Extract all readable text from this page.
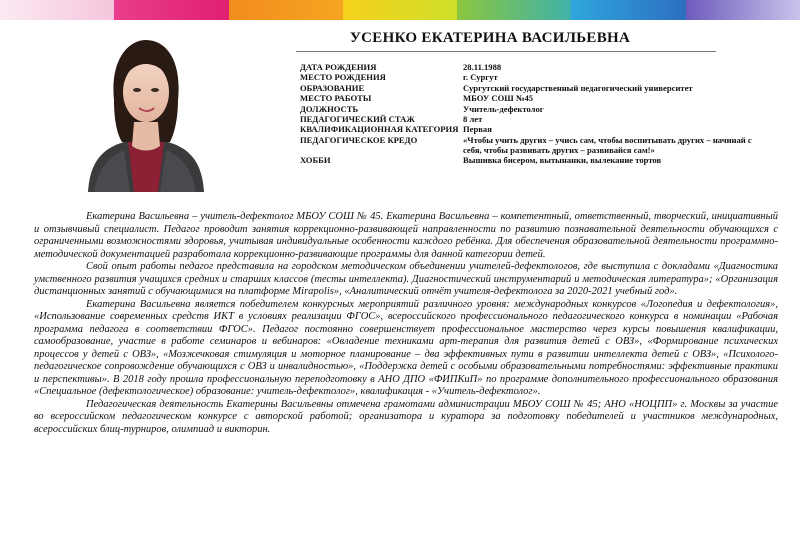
УСЕНКО ЕКАТЕРИНА ВАСИЛЬЕВНА
ДАТА РОЖДЕНИЯ	28.11.1988
МЕСТО РОЖДЕНИЯ	г. Сургут
ОБРАЗОВАНИЕ	Сургутский государственный педагогический университет
МЕСТО РАБОТЫ	МБОУ СОШ №45
ДОЛЖНОСТЬ	Учитель-дефектолог
ПЕДАГОГИЧЕСКИЙ СТАЖ	8 лет
КВАЛИФИКАЦИОННАЯ КАТЕГОРИЯ Первая
ПЕДАГОГИЧЕСКОЕ КРЕДО	«Чтобы учить других – учись сам, чтобы воспитывать других – начинай с себя, чтобы развивать других – развивайся сам!»
ХОББИ	Вышивка бисером, вытынанки, вылекание тортов

Екатерина Васильевна – учитель-дефектолог МБОУ СОШ № 45. Екатерина Васильевна – компетентный, ответственный, творческий, инициативный и отзывчивый специалист. Педагог проводит занятия коррекционно-развивающей направленности по развитию познавательной деятельности обучающихся с ограниченными возможностями здоровья, учитывая индивидуальные особенности каждого ребёнка. Для обеспечения образовательной деятельности программно-методической документацией разработала коррекционно-развивающие программы для данной категории детей.

Свой опыт работы педагог представила на городском методическом объединении учителей-дефектологов, где выступила с докладами «Диагностика умственного развития учащихся средних и старших классов (тесты интеллекта). Диагностический инструментарий и методическая литература»; «Организация дистанционных занятий с обучающимися на платформе Mirapolis», «Аналитический отчёт учителя-дефектолога за 2020-2021 учебный год».

Екатерина Васильевна является победителем конкурсных мероприятий различного уровня: международных конкурсов «Логопедия и дефектология», «Использование современных средств ИКТ в условиях реализации ФГОС», всероссийского профессионального педагогического конкурса в номинации «Рабочая программа педагога в соответствии ФГОС». Педагог постоянно совершенствует профессиональное мастерство через курсы повышения квалификации, самообразование, участие в работе семинаров и вебинаров: «Овладение техниками арт-терапия для развития детей с ОВЗ», «Формирование психических процессов у детей с ОВЗ», «Мозжечковая стимуляция и моторное планирование – два эффективных пути в развитии интеллекта детей с ОВЗ», «Психолого-педагогическое сопровождение обучающихся с ОВЗ и инвалидностью», «Поддержка детей с особыми образовательными потребностями: эффективные практики и перспективы». В 2018 году прошла профессиональную переподготовку в АНО ДПО «ФИПКиП» по программе дополнительного профессионального образования «Специальное (дефектологическое) образование: учитель-дефектолог», квалификация - «Учитель-дефектолог».

Педагогическая деятельность Екатерины Васильевны отмечена грамотами администрации МБОУ СОШ № 45; АНО «НОЦПП» г. Москвы за участие во всероссийском педагогическом конкурсе с авторской работой; организатора и куратора за подготовку победителей и участников международных, всероссийских блиц-турниров, олимпиад и викторин.
